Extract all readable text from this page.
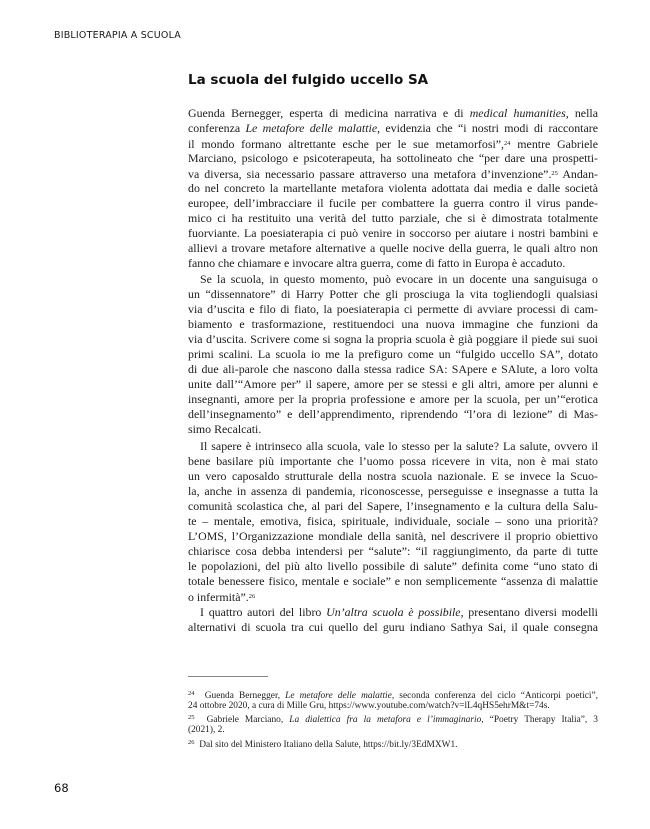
BIBLIOTERAPIA A SCUOLA
La scuola del fulgido uccello SA
Guenda Bernegger, esperta di medicina narrativa e di medical humanities, nella
conferenza Le metafore delle malattie, evidenzia che “i nostri modi di raccontare
il mondo formano altrettante esche per le sue metamorfosi”,$^{24}$ mentre Gabriele
Marciano, psicologo e psicoterapeuta, ha sottolineato che “per dare una prospetti-
va diversa, sia necessario passare attraverso una metafora d’invenzione”.$^{25}$ Andan-
do nel concreto la martellante metafora violenta adottata dai media e dalle società
europee, dell’imbracciare il fucile per combattere la guerra contro il virus pande-
mico ci ha restituito una verità del tutto parziale, che si è dimostrata totalmente
fuorviante. La poesiaterapia ci può venire in soccorso per aiutare i nostri bambini e
allievi a trovare metafore alternative a quelle nocive della guerra, le quali altro non
fanno che chiamare e invocare altra guerra, come di fatto in Europa è accaduto.
Se la scuola, in questo momento, può evocare in un docente una sanguisuga o
un “dissennatore” di Harry Potter che gli prosciuga la vita togliendogli qualsiasi
via d’uscita e filo di fiato, la poesiaterapia ci permette di avviare processi di cam-
biamento e trasformazione, restituendoci una nuova immagine che funzioni da
via d’uscita. Scrivere come si sogna la propria scuola è già poggiare il piede sui suoi
primi scalini. La scuola io me la prefiguro come un “fulgido uccello SA”, dotato
di due ali-parole che nascono dalla stessa radice SA: SApere e SAlute, a loro volta
unite dall’“Amore per” il sapere, amore per se stessi e gli altri, amore per alunni e
insegnanti, amore per la propria professione e amore per la scuola, per un’“erotica
dell’insegnamento” e dell’apprendimento, riprendendo “l’ora di lezione” di Mas-
simo Recalcati.
Il sapere è intrinseco alla scuola, vale lo stesso per la salute? La salute, ovvero il
bene basilare più importante che l’uomo possa ricevere in vita, non è mai stato
un vero caposaldo strutturale della nostra scuola nazionale. E se invece la Scuo-
la, anche in assenza di pandemia, riconoscesse, perseguisse e insegnasse a tutta la
comunità scolastica che, al pari del Sapere, l’insegnamento e la cultura della Salu-
te – mentale, emotiva, fisica, spirituale, individuale, sociale – sono una priorità?
L’OMS, l’Organizzazione mondiale della sanità, nel descrivere il proprio obiettivo
chiarisce cosa debba intendersi per “salute”: “il raggiungimento, da parte di tutte
le popolazioni, del più alto livello possibile di salute” definita come “uno stato di
totale benessere fisico, mentale e sociale” e non semplicemente “assenza di malattie
o infermità”.$^{26}$
I quattro autori del libro Un’altra scuola è possibile, presentano diversi modelli
alternativi di scuola tra cui quello del guru indiano Sathya Sai, il quale consegna
$^{24}$  Guenda Bernegger, Le metafore delle malattie, seconda conferenza del ciclo “Anticorpi poetici”,
24 ottobre 2020, a cura di Mille Gru, https://www.youtube.com/watch?v=lL4qHS5ehrM&t=74s.
$^{25}$  Gabriele Marciano, La dialettica fra la metafora e l’immaginario, “Poetry Therapy Italia”, 3
(2021), 2.
$^{26}$  Dal sito del Ministero Italiano della Salute, https://bit.ly/3EdMXW1.
68
